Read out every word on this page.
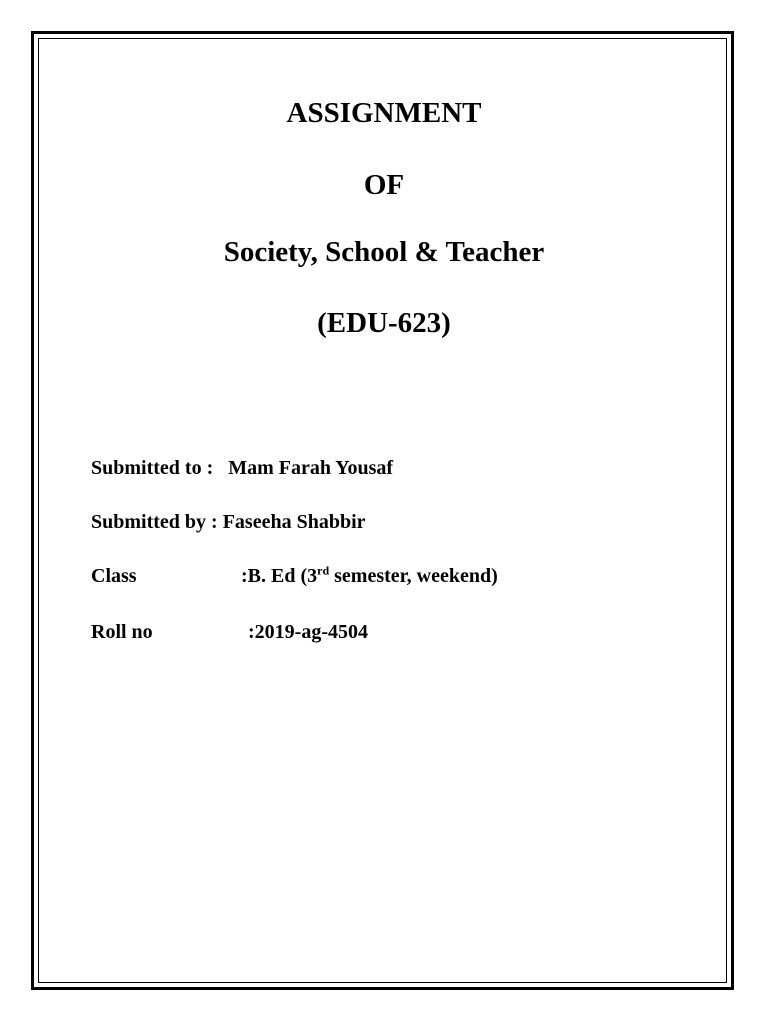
ASSIGNMENT
OF
Society, School & Teacher
(EDU-623)
Submitted to : Mam Farah Yousaf
Submitted by : Faseeha Shabbir
Class	:B. Ed (3rd semester, weekend)
Roll no	:2019-ag-4504
